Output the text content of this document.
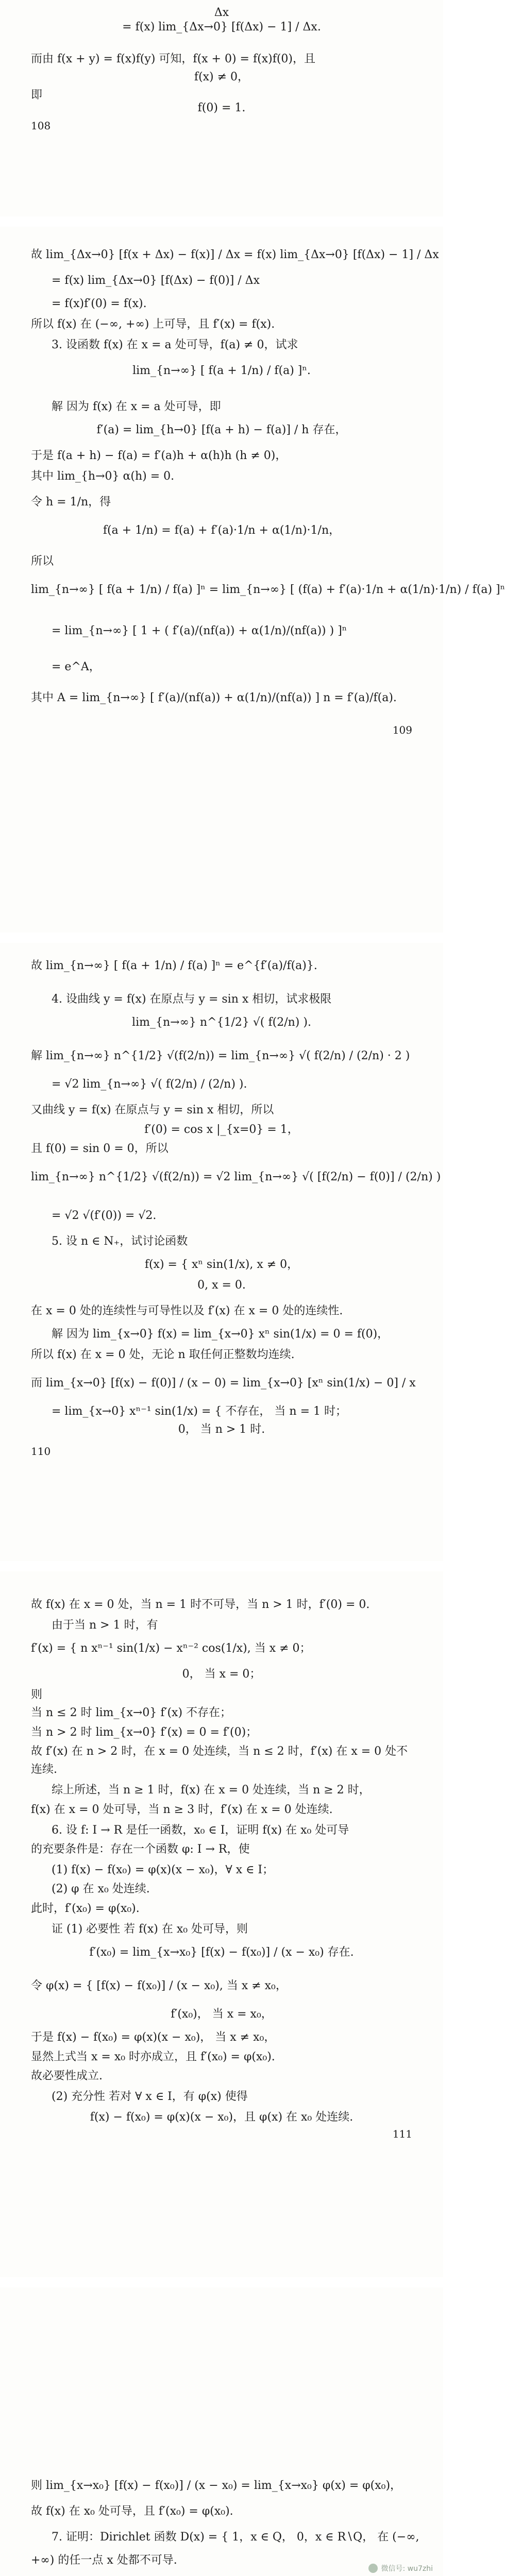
Δx
= f(x) lim_{Δx→0} [f(Δx) − 1] / Δx.
而由 f(x + y) = f(x)f(y) 可知，f(x + 0) = f(x)f(0)，且
f(x) ≠ 0，
即
f(0) = 1.
108
故 lim_{Δx→0} [f(x + Δx) − f(x)] / Δx = f(x) lim_{Δx→0} [f(Δx) − 1] / Δx
= f(x) lim_{Δx→0} [f(Δx) − f(0)] / Δx
= f(x)f′(0) = f(x).
所以 f(x) 在 (−∞, +∞) 上可导，且 f′(x) = f(x).
3. 设函数 f(x) 在 x = a 处可导，f(a) ≠ 0，试求
lim_{n→∞} [ f(a + 1/n) / f(a) ]ⁿ.
解 因为 f(x) 在 x = a 处可导，即
f′(a) = lim_{h→0} [f(a + h) − f(a)] / h 存在，
于是 f(a + h) − f(a) = f′(a)h + α(h)h (h ≠ 0)，
其中 lim_{h→0} α(h) = 0.
令 h = 1/n，得
f(a + 1/n) = f(a) + f′(a)·1/n + α(1/n)·1/n，
所以
lim_{n→∞} [ f(a + 1/n) / f(a) ]ⁿ = lim_{n→∞} [ (f(a) + f′(a)·1/n + α(1/n)·1/n) / f(a) ]ⁿ
= lim_{n→∞} [ 1 + ( f′(a)/(nf(a)) + α(1/n)/(nf(a)) ) ]ⁿ
= e^A，
其中 A = lim_{n→∞} [ f′(a)/(nf(a)) + α(1/n)/(nf(a)) ] n = f′(a)/f(a).
109
故 lim_{n→∞} [ f(a + 1/n) / f(a) ]ⁿ = e^{f′(a)/f(a)}.
4. 设曲线 y = f(x) 在原点与 y = sin x 相切，试求极限
lim_{n→∞} n^{1/2} √( f(2/n) ).
解 lim_{n→∞} n^{1/2} √(f(2/n)) = lim_{n→∞} √( f(2/n) / (2/n) · 2 )
= √2 lim_{n→∞} √( f(2/n) / (2/n) ).
又曲线 y = f(x) 在原点与 y = sin x 相切，所以
f′(0) = cos x |_{x=0} = 1，
且 f(0) = sin 0 = 0，所以
lim_{n→∞} n^{1/2} √(f(2/n)) = √2 lim_{n→∞} √( [f(2/n) − f(0)] / (2/n) )
= √2 √(f′(0)) = √2.
5. 设 n ∈ N₊，试讨论函数
f(x) = { xⁿ sin(1/x), x ≠ 0，
0, x = 0.
在 x = 0 处的连续性与可导性以及 f′(x) 在 x = 0 处的连续性.
解 因为 lim_{x→0} f(x) = lim_{x→0} xⁿ sin(1/x) = 0 = f(0)，
所以 f(x) 在 x = 0 处，无论 n 取任何正整数均连续.
而 lim_{x→0} [f(x) − f(0)] / (x − 0) = lim_{x→0} [xⁿ sin(1/x) − 0] / x
= lim_{x→0} xⁿ⁻¹ sin(1/x) = { 不存在， 当 n = 1 时；
0， 当 n > 1 时.
110
故 f(x) 在 x = 0 处，当 n = 1 时不可导，当 n > 1 时，f′(0) = 0.
由于当 n > 1 时，有
f′(x) = { n xⁿ⁻¹ sin(1/x) − xⁿ⁻² cos(1/x), 当 x ≠ 0；
0， 当 x = 0；
则
当 n ≤ 2 时 lim_{x→0} f′(x) 不存在；
当 n > 2 时 lim_{x→0} f′(x) = 0 = f′(0)；
故 f′(x) 在 n > 2 时，在 x = 0 处连续，当 n ≤ 2 时，f′(x) 在 x = 0 处不
连续.
综上所述，当 n ≥ 1 时，f(x) 在 x = 0 处连续，当 n ≥ 2 时，
f(x) 在 x = 0 处可导，当 n ≥ 3 时，f′(x) 在 x = 0 处连续.
6. 设 f: I → R 是任一函数，x₀ ∈ I，证明 f(x) 在 x₀ 处可导
的充要条件是：存在一个函数 φ: I → R，使
(1) f(x) − f(x₀) = φ(x)(x − x₀)，∀ x ∈ I；
(2) φ 在 x₀ 处连续.
此时，f′(x₀) = φ(x₀).
证 (1) 必要性 若 f(x) 在 x₀ 处可导，则
f′(x₀) = lim_{x→x₀} [f(x) − f(x₀)] / (x − x₀) 存在.
令 φ(x) = { [f(x) − f(x₀)] / (x − x₀), 当 x ≠ x₀，
f′(x₀)， 当 x = x₀，
于是 f(x) − f(x₀) = φ(x)(x − x₀)， 当 x ≠ x₀，
显然上式当 x = x₀ 时亦成立，且 f′(x₀) = φ(x₀).
故必要性成立.
(2) 充分性 若对 ∀ x ∈ I，有 φ(x) 使得
f(x) − f(x₀) = φ(x)(x − x₀)，且 φ(x) 在 x₀ 处连续.
111
则 lim_{x→x₀} [f(x) − f(x₀)] / (x − x₀) = lim_{x→x₀} φ(x) = φ(x₀)，
故 f(x) 在 x₀ 处可导，且 f′(x₀) = φ(x₀).
7. 证明：Dirichlet 函数 D(x) = { 1，x ∈ Q， 0，x ∈ R∖Q， 在 (−∞,
+∞) 的任一点 x 处都不可导.
微信号: wu7zhi
